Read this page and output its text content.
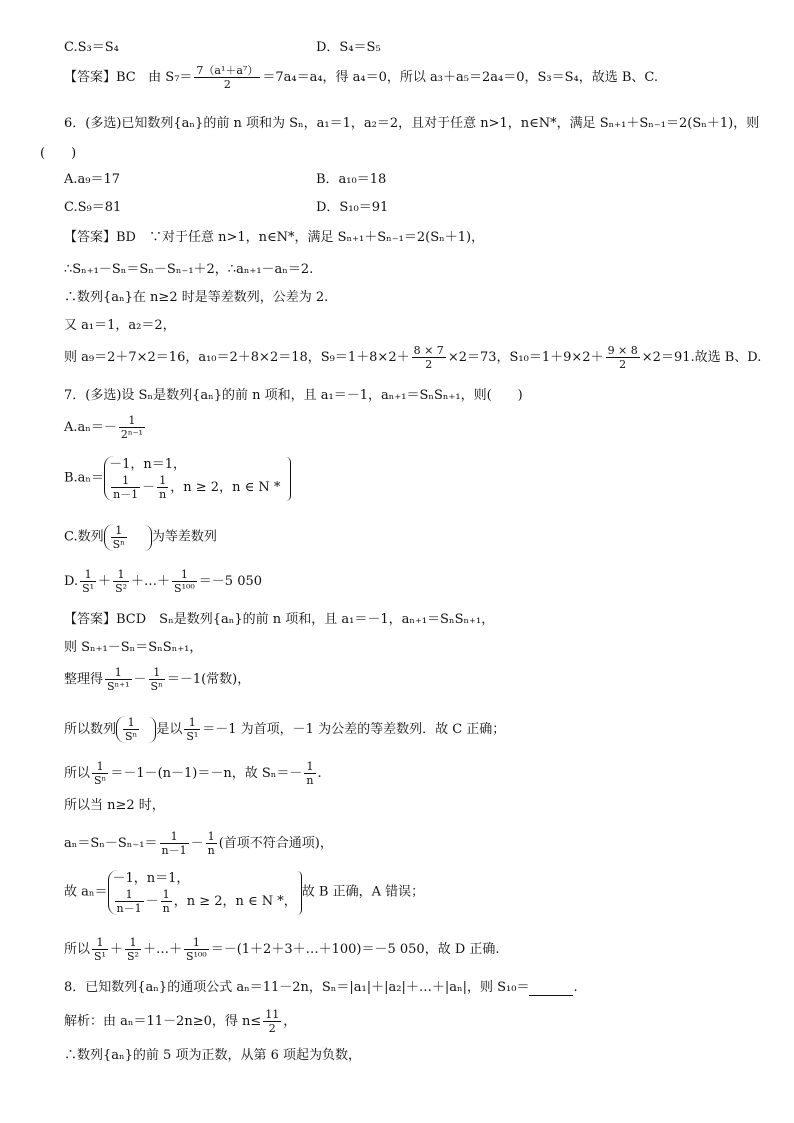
C.S₃＝S₄	D．S₄＝S₅
【答案】BC 由 $S_7= \frac{\text{7（a¹＋a⁷）}}{2} =7a_4=a_4$，得 a₄＝0，所以 a₃＋a₅＝2a₄＝0，S₃＝S₄，故选 B、C.
6．(多选)已知数列{aₙ}的前 n 项和为 Sₙ，a₁＝1，a₂＝2，且对于任意 n>1，n∈N*，满足 Sₙ₊₁＋Sₙ₋₁＝2(Sₙ＋1)，则
(　　)
A.a₉＝17	B．a₁₀＝18
C.S₉＝81	D．S₁₀＝91
【答案】BD　∵对于任意 n>1，n∈N*，满足 Sₙ₊₁＋Sₙ₋₁＝2(Sₙ＋1)，
∴Sₙ₊₁－Sₙ＝Sₙ－Sₙ₋₁＋2，∴aₙ₊₁－aₙ＝2.
∴数列{aₙ}在 n≥2 时是等差数列，公差为 2.
又 a₁＝1，a₂＝2，
则 a₉＝2＋7×2＝16，a₁₀＝2＋8×2＝18，$S_9=1+8\times 2+ \frac{8 \times 7}{2} \times 2=73$，$S_{10}=1+9\times 2+ \frac{9 \times 8}{2} \times 2=91$.故选 B、D.
7．(多选)设 Sₙ是数列{aₙ}的前 n 项和，且 a₁＝－1，aₙ₊₁＝SₙSₙ₊₁，则(　　)
$A.a_n=- \frac{1}{\text{2ⁿ⁻¹}}$
B.aₙ＝
－1，n＝1，
$\frac{1}{n-1} - \frac{1}{n}$ ，n ≥ 2，n ∈ N *
C.数列 $\frac{1}{\text{Sⁿ}}$ 为等差数列
D. $\frac{1}{\text{S¹}} + \frac{1}{\text{S²}}$ ＋…＋ $\frac{1}{\text{S¹⁰⁰}} =-5$ 050
【答案】BCD　Sₙ是数列{aₙ}的前 n 项和，且 a₁＝－1，aₙ₊₁＝SₙSₙ₊₁，
则 Sₙ₊₁－Sₙ＝SₙSₙ₊₁，
整理得 $\frac{1}{\text{Sⁿ⁺¹}} - \frac{1}{\text{Sⁿ}} =-1$(常数)，
所以数列 $\frac{1}{\text{Sⁿ}}$ 是以 $\frac{1}{\text{S¹}} =-1$ 为首项，－1 为公差的等差数列．故 C 正确；
所以 $\frac{1}{\text{Sⁿ}} =-1-(n-1)=-n$，故 $S_n=- \frac{1}{n}$ .
所以当 n≥2 时，
$a_n=S_n-S_{n-1}= \frac{1}{n-1} - \frac{1}{n}$ (首项不符合通项)，
故 aₙ＝
－1，n＝1，
$\frac{1}{n-1} - \frac{1}{n}$ ，n ≥ 2，n ∈ N *，
故 B 正确，A 错误；
所以 $\frac{1}{\text{S¹}} + \frac{1}{\text{S²}}$ ＋…＋ $\frac{1}{\text{S¹⁰⁰}}$ ＝－(1＋2＋3＋…＋100)＝－5 050，故 D 正确.
8．已知数列{aₙ}的通项公式 aₙ＝11－2n，Sₙ＝|a₁|＋|a₂|＋…＋|aₙ|，则 S₁₀＝	.
解析：由 aₙ＝11－2n≥0，得 $n\le \frac{11}{2}$ ，
∴数列{aₙ}的前 5 项为正数，从第 6 项起为负数，
